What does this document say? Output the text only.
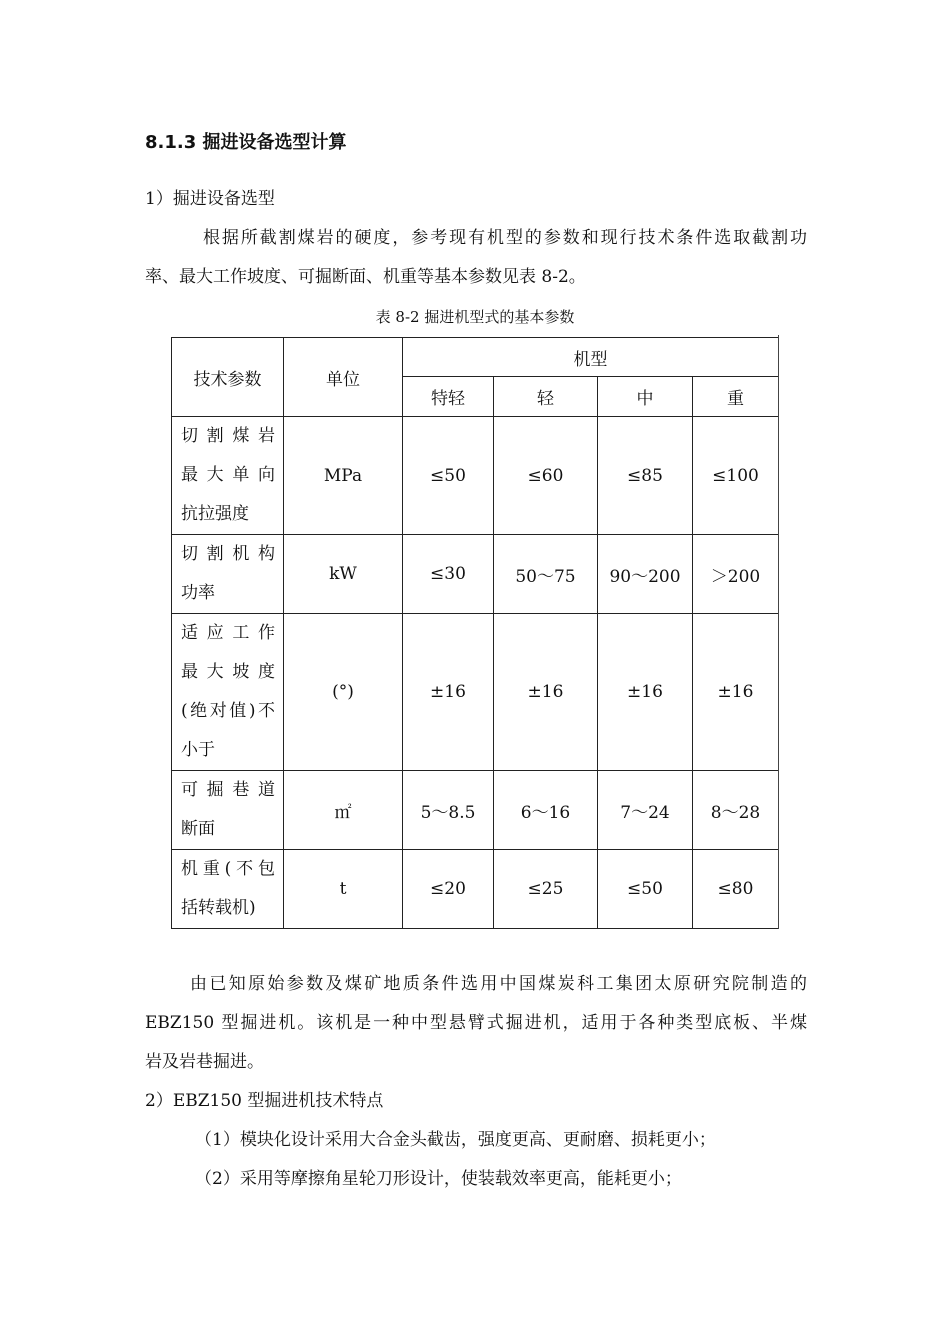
8.1.3 掘进设备选型计算
1）掘进设备选型
根据所截割煤岩的硬度，参考现有机型的参数和现行技术条件选取截割功
率、最大工作坡度、可掘断面、机重等基本参数见表 8-2。
表 8-2 掘进机型式的基本参数
技术参数	单位	机型			
		特轻	轻	中	重
切 割 煤 岩
最 大 单 向

抗拉强度	MPa	≤50	≤60	≤85	≤100
切 割 机 构

功率	kW	≤30	50～75	90～200	＞200
适 应 工 作
最 大 坡 度
(绝对值)不

小于	(°)	±16	±16	±16	±16
可 掘 巷 道

断面	㎡	5～8.5	6～16	7～24	8～28
机重(不包

括转载机)	t	≤20	≤25	≤50	≤80
由已知原始参数及煤矿地质条件选用中国煤炭科工集团太原研究院制造的
EBZ150 型掘进机。该机是一种中型悬臂式掘进机，适用于各种类型底板、半煤
岩及岩巷掘进。
2）EBZ150 型掘进机技术特点
（1）模块化设计采用大合金头截齿，强度更高、更耐磨、损耗更小；
（2）采用等摩擦角星轮刀形设计，使装载效率更高，能耗更小；
